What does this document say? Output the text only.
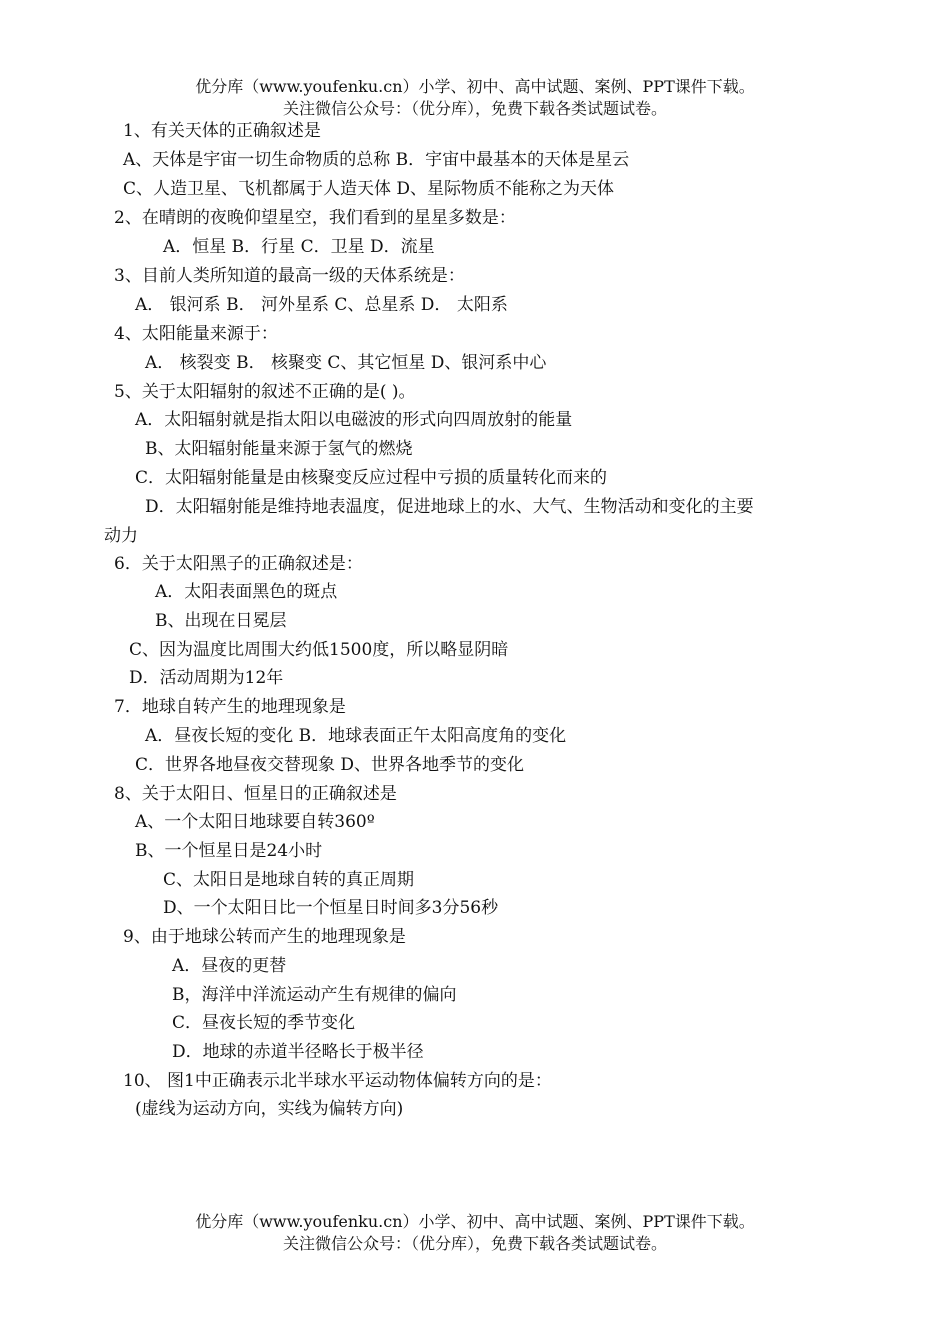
优分库（www.youfenku.cn）小学、初中、高中试题、案例、PPT课件下载。
关注微信公众号：（优分库），免费下载各类试题试卷。
1、有关天体的正确叙述是
A、天体是宇宙一切生命物质的总称 B．宇宙中最基本的天体是星云
C、人造卫星、飞机都属于人造天体 D、星际物质不能称之为天体
2、在晴朗的夜晚仰望星空，我们看到的星星多数是：
A．恒星 B．行星 C．卫星 D．流星
3、目前人类所知道的最高一级的天体系统是：
A． 银河系 B． 河外星系 C、总星系 D． 太阳系
4、太阳能量来源于：
A． 核裂变 B． 核聚变 C、其它恒星 D、银河系中心
5、关于太阳辐射的叙述不正确的是( )。
A．太阳辐射就是指太阳以电磁波的形式向四周放射的能量
B、太阳辐射能量来源于氢气的燃烧
C．太阳辐射能量是由核聚变反应过程中亏损的质量转化而来的
D．太阳辐射能是维持地表温度，促进地球上的水、大气、生物活动和变化的主要
动力
6．关于太阳黑子的正确叙述是：
A．太阳表面黑色的斑点
B、出现在日冕层
C、因为温度比周围大约低1500度，所以略显阴暗
D．活动周期为12年
7．地球自转产生的地理现象是
A．昼夜长短的变化 B．地球表面正午太阳高度角的变化
C．世界各地昼夜交替现象 D、世界各地季节的变化
8、关于太阳日、恒星日的正确叙述是
A、一个太阳日地球要自转360º
B、一个恒星日是24小时
C、太阳日是地球自转的真正周期
D、一个太阳日比一个恒星日时间多3分56秒
9、由于地球公转而产生的地理现象是
A．昼夜的更替
B，海洋中洋流运动产生有规律的偏向
C．昼夜长短的季节变化
D．地球的赤道半径略长于极半径
10、 图1中正确表示北半球水平运动物体偏转方向的是：
(虚线为运动方向，实线为偏转方向)
优分库（www.youfenku.cn）小学、初中、高中试题、案例、PPT课件下载。
关注微信公众号：（优分库），免费下载各类试题试卷。
